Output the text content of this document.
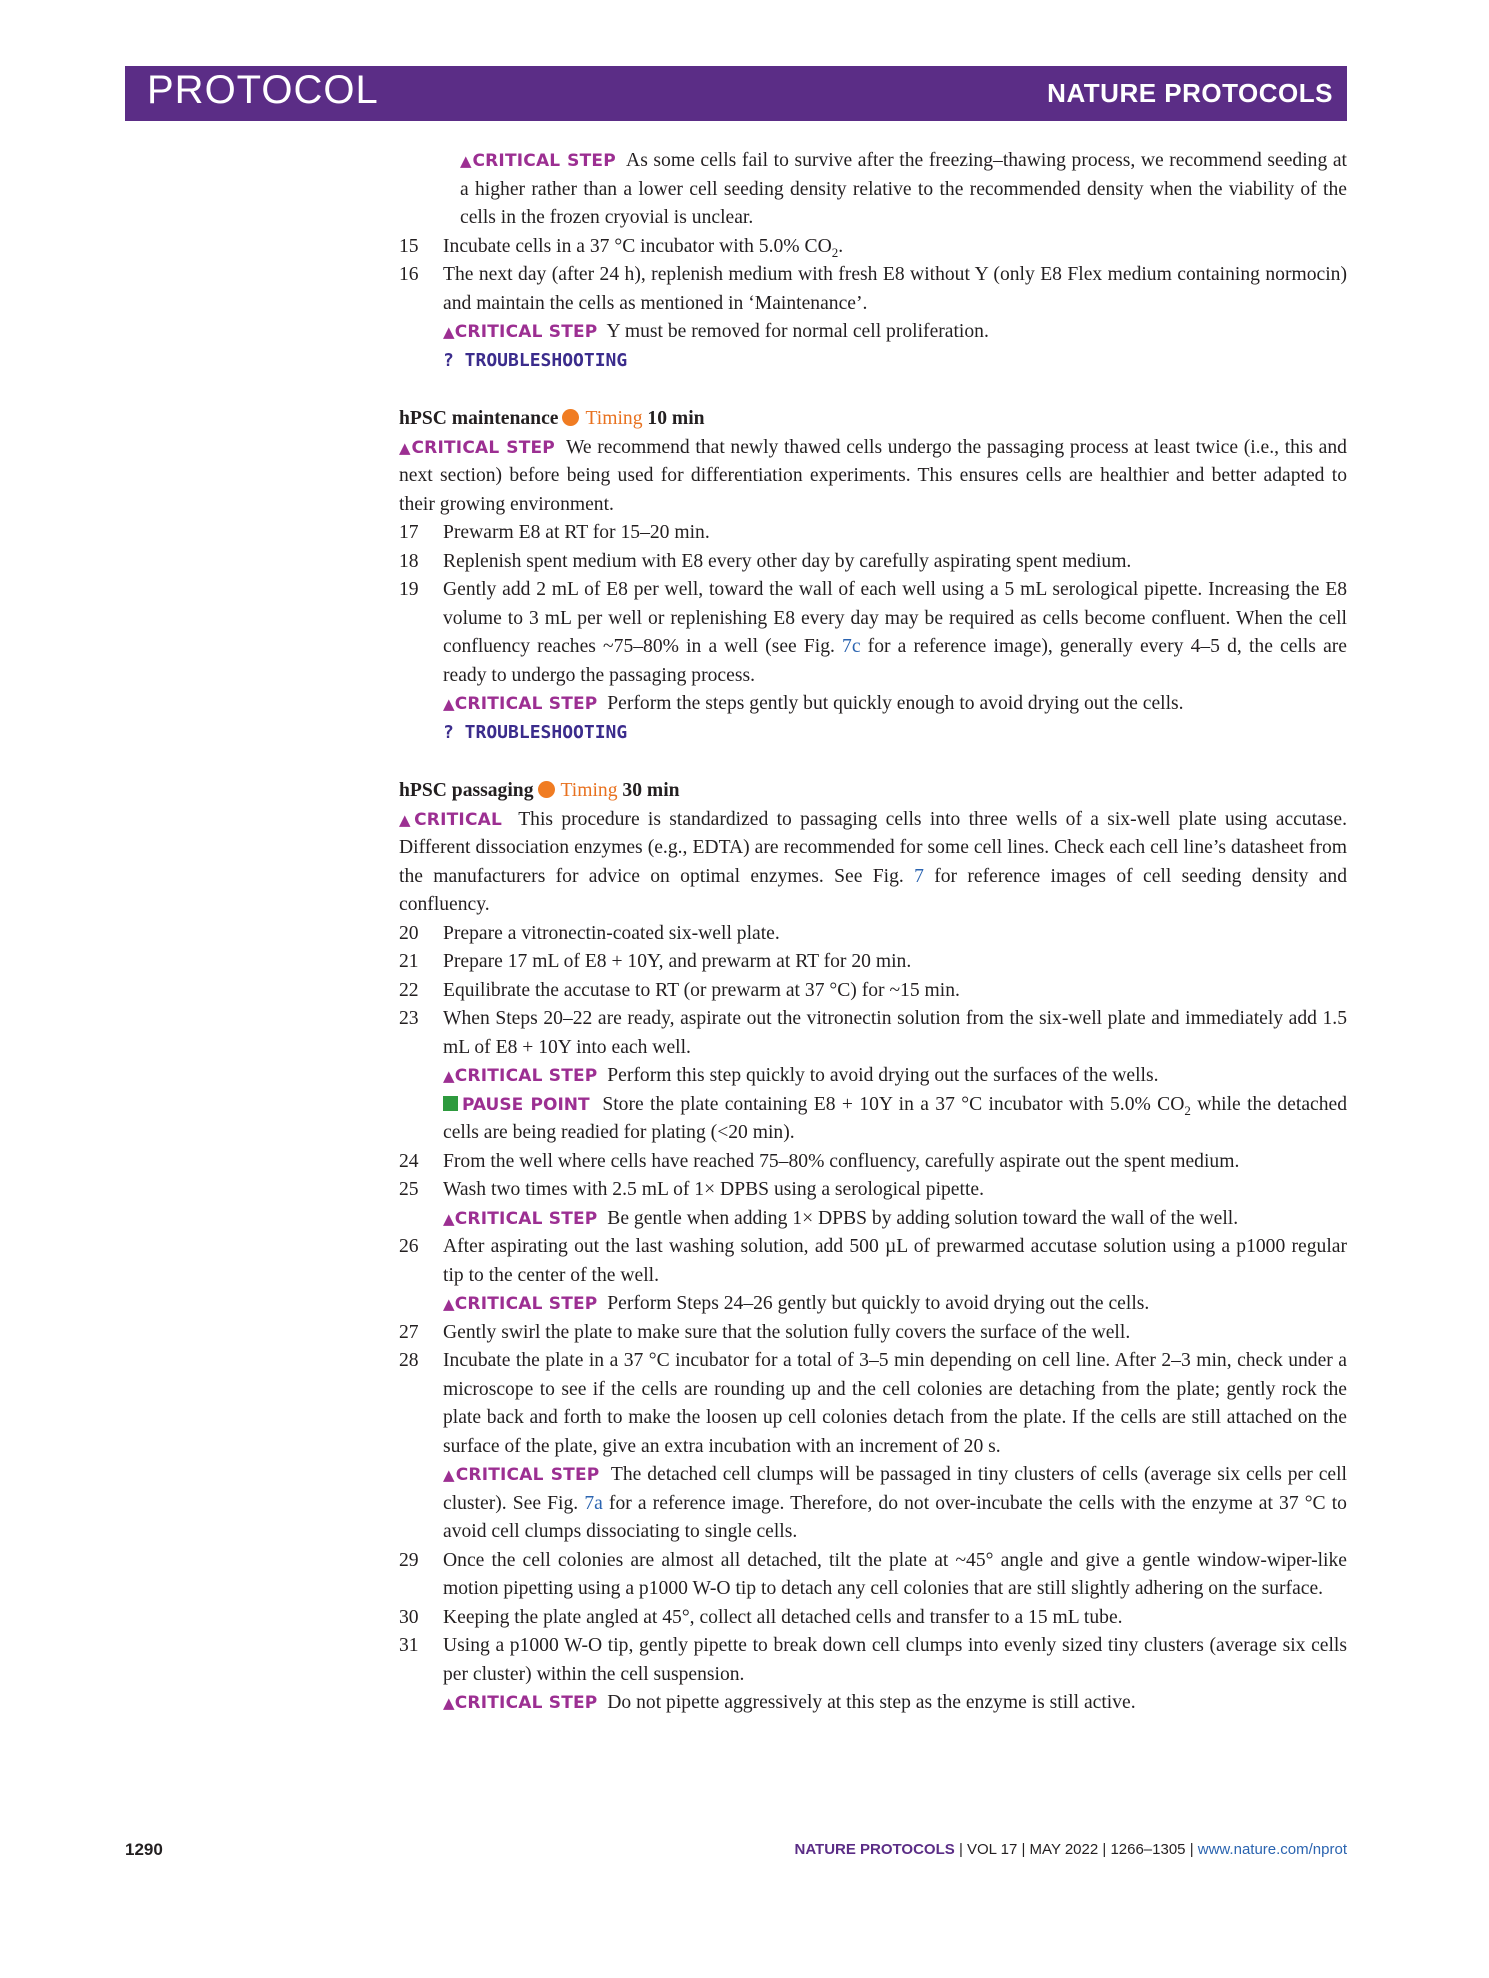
PROTOCOL	NATURE PROTOCOLS

▲CRITICAL STEP As some cells fail to survive after the freezing–thawing process, we recommend seeding at a higher rather than a lower cell seeding density relative to the recommended density when the viability of the cells in the frozen cryovial is unclear.

15 Incubate cells in a 37 °C incubator with 5.0% $CO_2$.

16 The next day (after 24 h), replenish medium with fresh E8 without Y (only E8 Flex medium containing normocin) and maintain the cells as mentioned in ‘Maintenance’.

▲CRITICAL STEP Y must be removed for normal cell proliferation.

? TROUBLESHOOTING

hPSC maintenance Timing 10 min

▲CRITICAL STEP We recommend that newly thawed cells undergo the passaging process at least twice (i.e., this and next section) before being used for differentiation experiments. This ensures cells are healthier and better adapted to their growing environment.

17 Prewarm E8 at RT for 15–20 min.

18 Replenish spent medium with E8 every other day by carefully aspirating spent medium.

19 Gently add 2 mL of E8 per well, toward the wall of each well using a 5 mL serological pipette. Increasing the E8 volume to 3 mL per well or replenishing E8 every day may be required as cells become confluent. When the cell confluency reaches ~75–80% in a well (see Fig. 7c for a reference image), generally every 4–5 d, the cells are ready to undergo the passaging process.

▲CRITICAL STEP Perform the steps gently but quickly enough to avoid drying out the cells.

? TROUBLESHOOTING

hPSC passaging Timing 30 min

▲CRITICAL This procedure is standardized to passaging cells into three wells of a six-well plate using accutase. Different dissociation enzymes (e.g., EDTA) are recommended for some cell lines. Check each cell line’s datasheet from the manufacturers for advice on optimal enzymes. See Fig. 7 for reference images of cell seeding density and confluency.

20 Prepare a vitronectin-coated six-well plate.

21 Prepare 17 mL of E8 + 10Y, and prewarm at RT for 20 min.

22 Equilibrate the accutase to RT (or prewarm at 37 °C) for ~15 min.

23 When Steps 20–22 are ready, aspirate out the vitronectin solution from the six-well plate and immediately add 1.5 mL of E8 + 10Y into each well.

▲CRITICAL STEP Perform this step quickly to avoid drying out the surfaces of the wells.

PAUSE POINT Store the plate containing E8 + 10Y in a 37 °C incubator with 5.0% $CO_2$ while the detached cells are being readied for plating (<20 min).

24 From the well where cells have reached 75–80% confluency, carefully aspirate out the spent medium.

25 Wash two times with 2.5 mL of 1× DPBS using a serological pipette.

▲CRITICAL STEP Be gentle when adding 1× DPBS by adding solution toward the wall of the well.

26 After aspirating out the last washing solution, add 500 µL of prewarmed accutase solution using a p1000 regular tip to the center of the well.

▲CRITICAL STEP Perform Steps 24–26 gently but quickly to avoid drying out the cells.

27 Gently swirl the plate to make sure that the solution fully covers the surface of the well.

28 Incubate the plate in a 37 °C incubator for a total of 3–5 min depending on cell line. After 2–3 min, check under a microscope to see if the cells are rounding up and the cell colonies are detaching from the plate; gently rock the plate back and forth to make the loosen up cell colonies detach from the plate. If the cells are still attached on the surface of the plate, give an extra incubation with an increment of 20 s.

▲CRITICAL STEP The detached cell clumps will be passaged in tiny clusters of cells (average six cells per cell cluster). See Fig. 7a for a reference image. Therefore, do not over-incubate the cells with the enzyme at 37 °C to avoid cell clumps dissociating to single cells.

29 Once the cell colonies are almost all detached, tilt the plate at ~45° angle and give a gentle window-wiper-like motion pipetting using a p1000 W-O tip to detach any cell colonies that are still slightly adhering on the surface.

30 Keeping the plate angled at 45°, collect all detached cells and transfer to a 15 mL tube.

31 Using a p1000 W-O tip, gently pipette to break down cell clumps into evenly sized tiny clusters (average six cells per cluster) within the cell suspension.

▲CRITICAL STEP Do not pipette aggressively at this step as the enzyme is still active.

1290	NATURE PROTOCOLS | VOL 17 | MAY 2022 | 1266–1305 | www.nature.com/nprot
